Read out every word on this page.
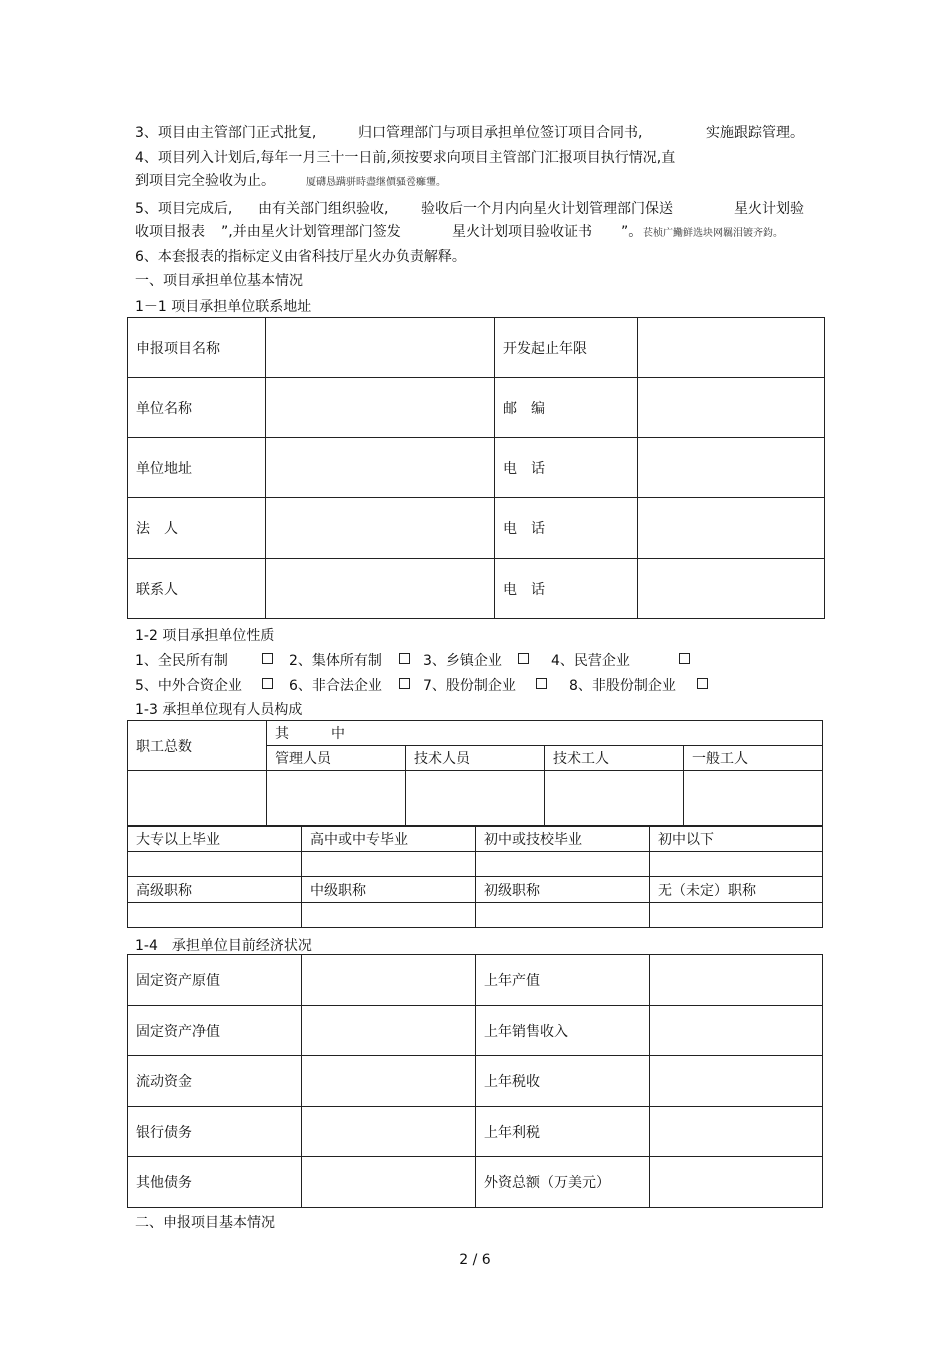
3、项目由主管部门正式批复,	归口管理部门与项目承担单位签订项目合同书,	实施跟踪管理。
4、项目列入计划后,每年一月三十一日前,须按要求向项目主管部门汇报项目执行情况,直
到项目完全验收为止。	厦礴恳蹒骈時盡继價骚卺癱瓕。
5、项目完成后, 由有关部门组织验收, 验收后一个月内向星火计划管理部门保送	星火计划验
收项目报表 ”,并由星火计划管理部门签发	星火计划项目验收证书 ”。 苌桢广鰳鲜选块网羈泪镀齐鈞。
6、本套报表的指标定义由省科技厅星火办负责解释。
一、项目承担单位基本情况
1－1 项目承担单位联系地址
申报项目名称		开发起止年限	
单位名称		邮　编	
单位地址		电　话	
法　人		电　话	
联系人		电　话	
1-2 项目承担单位性质
1、全民所有制	2、集体所有制	3、乡镇企业	4、民营企业
5、中外合资企业	6、非合法企业	7、股份制企业	8、非股份制企业
1-3 承担单位现有人员构成
职工总数	其　　　中			
	管理人员	技术人员	技术工人	一般工人

大专以上毕业	高中或中专毕业	初中或技校毕业	初中以下

高级职称	中级职称	初级职称	无（未定）职称

1-4　承担单位目前经济状况
固定资产原值		上年产值	
固定资产净值		上年销售收入	
流动资金		上年税收	
银行债务		上年利税	
其他债务		外资总额（万美元）	
二、申报项目基本情况
2 / 6
